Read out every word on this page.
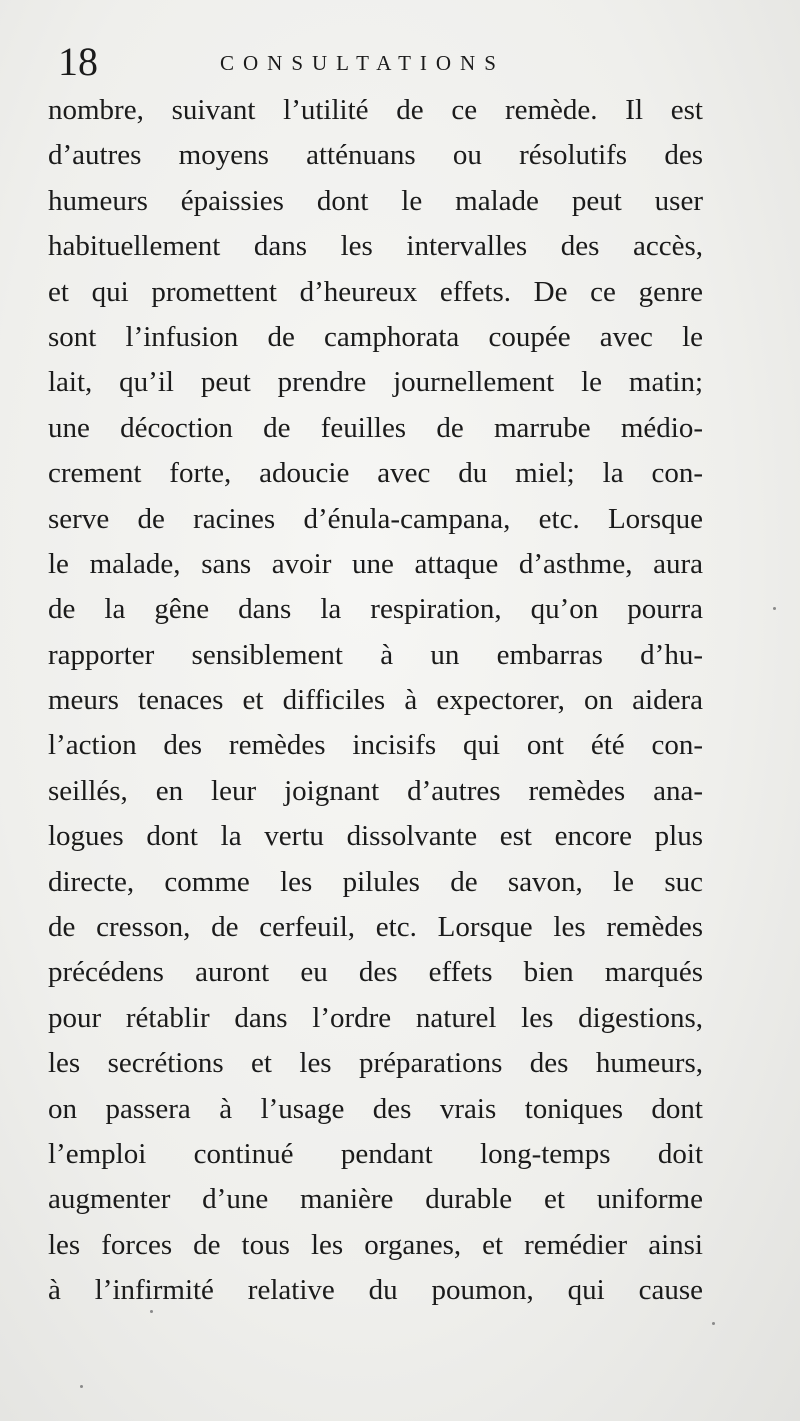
18	CONSULTATIONS
nombre, suivant l’utilité de ce remède. Il est
d’autres moyens atténuans ou résolutifs des
humeurs épaissies dont le malade peut user
habituellement dans les intervalles des accès,
et qui promettent d’heureux effets. De ce genre
sont l’infusion de camphorata coupée avec le
lait, qu’il peut prendre journellement le matin;
une décoction de feuilles de marrube médio-
crement forte, adoucie avec du miel; la con-
serve de racines d’énula-campana, etc. Lorsque
le malade, sans avoir une attaque d’asthme, aura
de la gêne dans la respiration, qu’on pourra
rapporter sensiblement à un embarras d’hu-
meurs tenaces et difficiles à expectorer, on aidera
l’action des remèdes incisifs qui ont été con-
seillés, en leur joignant d’autres remèdes ana-
logues dont la vertu dissolvante est encore plus
directe, comme les pilules de savon, le suc
de cresson, de cerfeuil, etc. Lorsque les remèdes
précédens auront eu des effets bien marqués
pour rétablir dans l’ordre naturel les digestions,
les secrétions et les préparations des humeurs,
on passera à l’usage des vrais toniques dont
l’emploi continué pendant long-temps doit
augmenter d’une manière durable et uniforme
les forces de tous les organes, et remédier ainsi
à l’infirmité relative du poumon, qui cause
